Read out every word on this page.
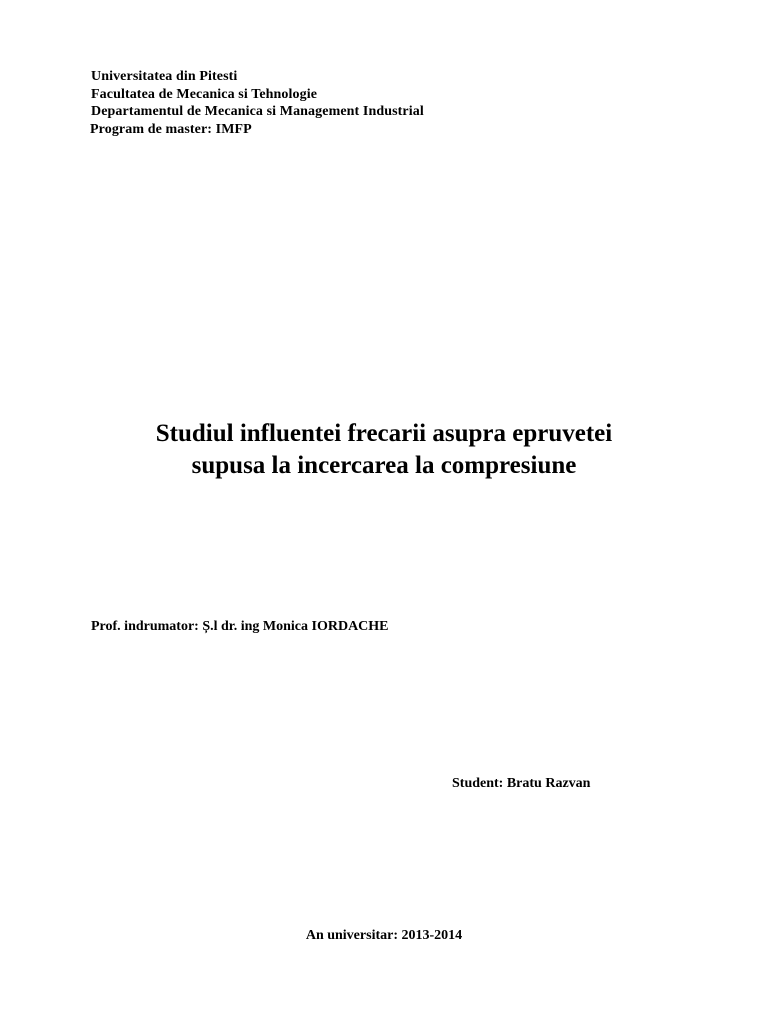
Universitatea din Pitesti
Facultatea de Mecanica si Tehnologie
Departamentul de Mecanica si Management Industrial
Program de master: IMFP
Studiul influentei frecarii asupra epruvetei
supusa la incercarea la compresiune
Prof. indrumator: Ș.l dr. ing Monica IORDACHE
Student: Bratu Razvan
An universitar: 2013-2014
